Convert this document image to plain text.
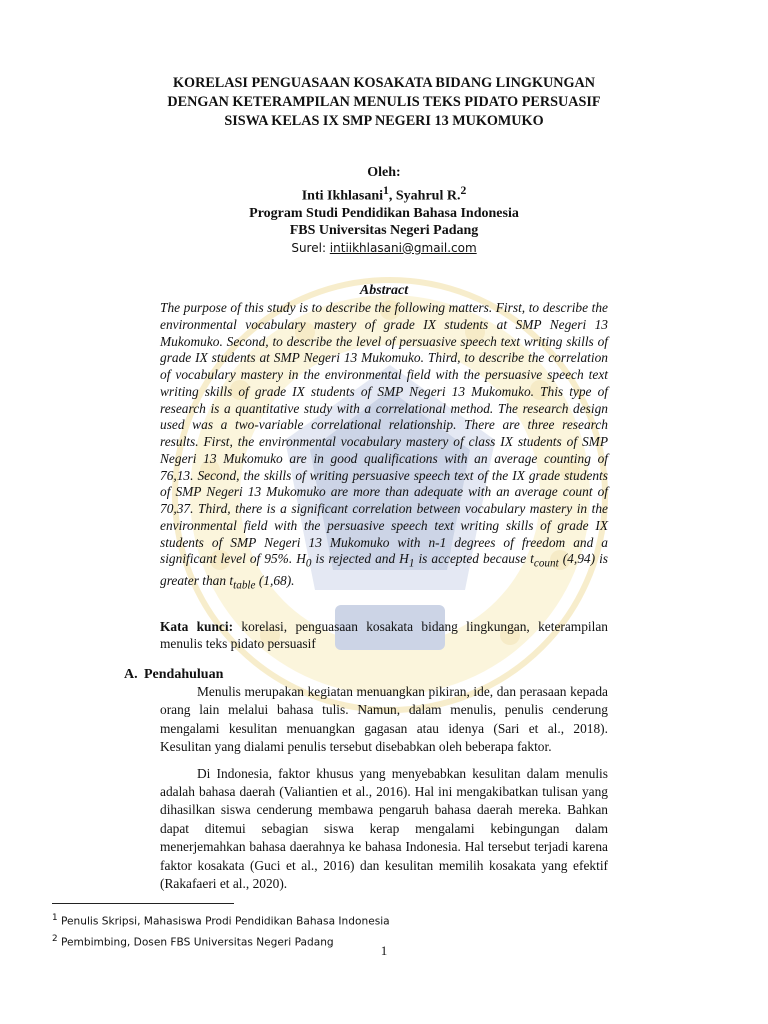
KORELASI PENGUASAAN KOSAKATA BIDANG LINGKUNGAN
DENGAN KETERAMPILAN MENULIS TEKS PIDATO PERSUASIF
SISWA KELAS IX SMP NEGERI 13 MUKOMUKO
Oleh:
Inti Ikhlasani$^1$, Syahrul R.$^2$
Program Studi Pendidikan Bahasa Indonesia
FBS Universitas Negeri Padang
Surel: intiikhlasani@gmail.com
Abstract

The purpose of this study is to describe the following matters. First, to describe the environmental vocabulary mastery of grade IX students at SMP Negeri 13 Mukomuko. Second, to describe the level of persuasive speech text writing skills of grade IX students at SMP Negeri 13 Mukomuko. Third, to describe the correlation of vocabulary mastery in the environmental field with the persuasive speech text writing skills of grade IX students of SMP Negeri 13 Mukomuko. This type of research is a quantitative study with a correlational method. The research design used was a two-variable correlational relationship. There are three research results. First, the environmental vocabulary mastery of class IX students of SMP Negeri 13 Mukomuko are in good qualifications with an average counting of 76,13. Second, the skills of writing persuasive speech text of the IX grade students of SMP Negeri 13 Mukomuko are more than adequate with an average count of 70,37. Third, there is a significant correlation between vocabulary mastery in the environmental field with the persuasive speech text writing skills of grade IX students of SMP Negeri 13 Mukomuko with n-1 degrees of freedom and a significant level of 95%. $H_0$ is rejected and $H_1$ is accepted because $t_{count}$ (4,94) is greater than $t_{table}$ (1,68).

Kata kunci: korelasi, penguasaan kosakata bidang lingkungan, keterampilan menulis teks pidato persuasif
A. Pendahuluan

Menulis merupakan kegiatan menuangkan pikiran, ide, dan perasaan kepada orang lain melalui bahasa tulis. Namun, dalam menulis, penulis cenderung mengalami kesulitan menuangkan gagasan atau idenya (Sari et al., 2018). Kesulitan yang dialami penulis tersebut disebabkan oleh beberapa faktor.

Di Indonesia, faktor khusus yang menyebabkan kesulitan dalam menulis adalah bahasa daerah (Valiantien et al., 2016). Hal ini mengakibatkan tulisan yang dihasilkan siswa cenderung membawa pengaruh bahasa daerah mereka. Bahkan dapat ditemui sebagian siswa kerap mengalami kebingungan dalam menerjemahkan bahasa daerahnya ke bahasa Indonesia. Hal tersebut terjadi karena faktor kosakata (Guci et al., 2016) dan kesulitan memilih kosakata yang efektif (Rakafaeri et al., 2020).

$^1$ Penulis Skripsi, Mahasiswa Prodi Pendidikan Bahasa Indonesia
$^2$ Pembimbing, Dosen FBS Universitas Negeri Padang
1
